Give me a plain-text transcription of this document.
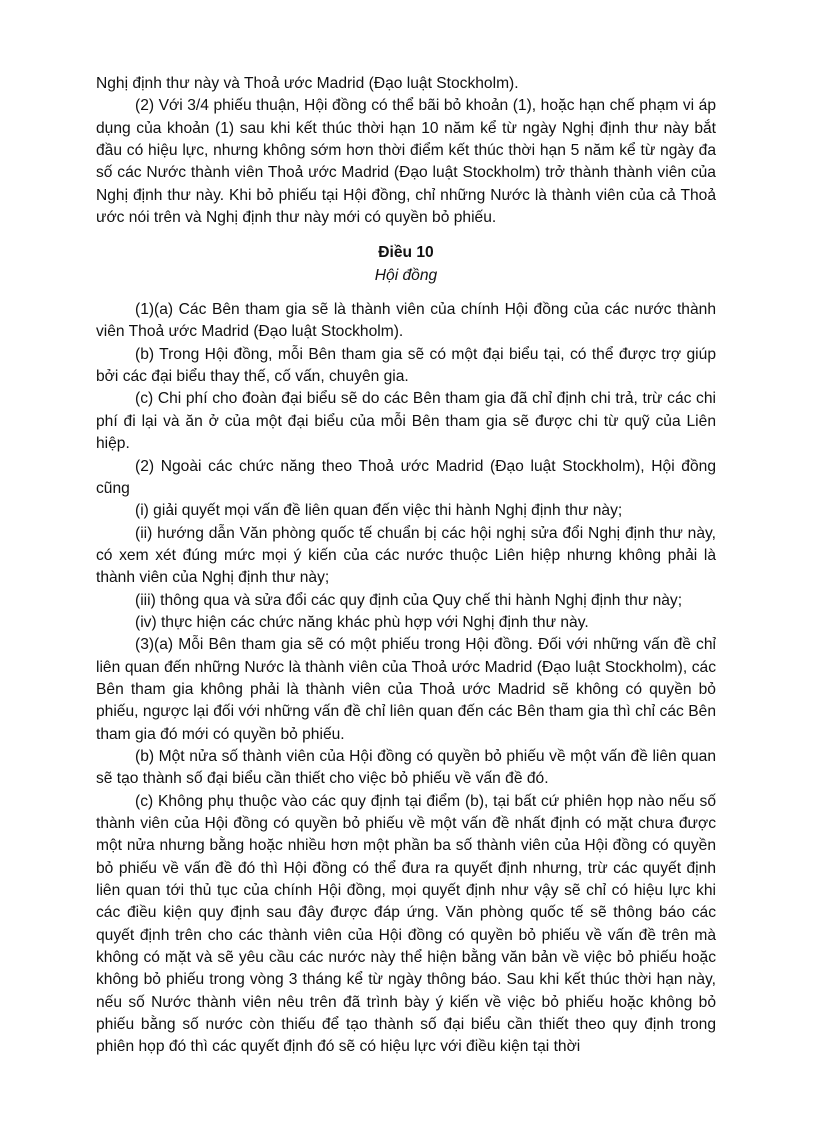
Nghị định thư này và Thoả ước Madrid (Đạo luật Stockholm).

(2) Với 3/4 phiếu thuận, Hội đồng có thể bãi bỏ khoản (1), hoặc hạn chế phạm vi áp dụng của khoản (1) sau khi kết thúc thời hạn 10 năm kể từ ngày Nghị định thư này bắt đầu có hiệu lực, nhưng không sớm hơn thời điểm kết thúc thời hạn 5 năm kể từ ngày đa số các Nước thành viên Thoả ước Madrid (Đạo luật Stockholm) trở thành thành viên của Nghị định thư này. Khi bỏ phiếu tại Hội đồng, chỉ những Nước là thành viên của cả Thoả ước nói trên và Nghị định thư này mới có quyền bỏ phiếu.

Điều 10

Hội đồng

(1)(a) Các Bên tham gia sẽ là thành viên của chính Hội đồng của các nước thành viên Thoả ước Madrid (Đạo luật Stockholm).

(b) Trong Hội đồng, mỗi Bên tham gia sẽ có một đại biểu tại, có thể được trợ giúp bởi các đại biểu thay thế, cố vấn, chuyên gia.

(c) Chi phí cho đoàn đại biểu sẽ do các Bên tham gia đã chỉ định chi trả, trừ các chi phí đi lại và ăn ở của một đại biểu của mỗi Bên tham gia sẽ được chi từ quỹ của Liên hiệp.

(2) Ngoài các chức năng theo Thoả ước Madrid (Đạo luật Stockholm), Hội đồng cũng

(i) giải quyết mọi vấn đề liên quan đến việc thi hành Nghị định thư này;

(ii) hướng dẫn Văn phòng quốc tế chuẩn bị các hội nghị sửa đổi Nghị định thư này, có xem xét đúng mức mọi ý kiến của các nước thuộc Liên hiệp nhưng không phải là thành viên của Nghị định thư này;

(iii) thông qua và sửa đổi các quy định của Quy chế thi hành Nghị định thư này;

(iv) thực hiện các chức năng khác phù hợp với Nghị định thư này.

(3)(a) Mỗi Bên tham gia sẽ có một phiếu trong Hội đồng. Đối với những vấn đề chỉ liên quan đến những Nước là thành viên của Thoả ước Madrid (Đạo luật Stockholm), các Bên tham gia không phải là thành viên của Thoả ước Madrid sẽ không có quyền bỏ phiếu, ngược lại đối với những vấn đề chỉ liên quan đến các Bên tham gia thì chỉ các Bên tham gia đó mới có quyền bỏ phiếu.

(b) Một nửa số thành viên của Hội đồng có quyền bỏ phiếu về một vấn đề liên quan sẽ tạo thành số đại biểu cần thiết cho việc bỏ phiếu về vấn đề đó.

(c) Không phụ thuộc vào các quy định tại điểm (b), tại bất cứ phiên họp nào nếu số thành viên của Hội đồng có quyền bỏ phiếu về một vấn đề nhất định có mặt chưa được một nửa nhưng bằng hoặc nhiều hơn một phần ba số thành viên của Hội đồng có quyền bỏ phiếu về vấn đề đó thì Hội đồng có thể đưa ra quyết định nhưng, trừ các quyết định liên quan tới thủ tục của chính Hội đồng, mọi quyết định như vậy sẽ chỉ có hiệu lực khi các điều kiện quy định sau đây được đáp ứng. Văn phòng quốc tế sẽ thông báo các quyết định trên cho các thành viên của Hội đồng có quyền bỏ phiếu về vấn đề trên mà không có mặt và sẽ yêu cầu các nước này thể hiện bằng văn bản về việc bỏ phiếu hoặc không bỏ phiếu trong vòng 3 tháng kể từ ngày thông báo. Sau khi kết thúc thời hạn này, nếu số Nước thành viên nêu trên đã trình bày ý kiến về việc bỏ phiếu hoặc không bỏ phiếu bằng số nước còn thiếu để tạo thành số đại biểu cần thiết theo quy định trong phiên họp đó thì các quyết định đó sẽ có hiệu lực với điều kiện tại thời
